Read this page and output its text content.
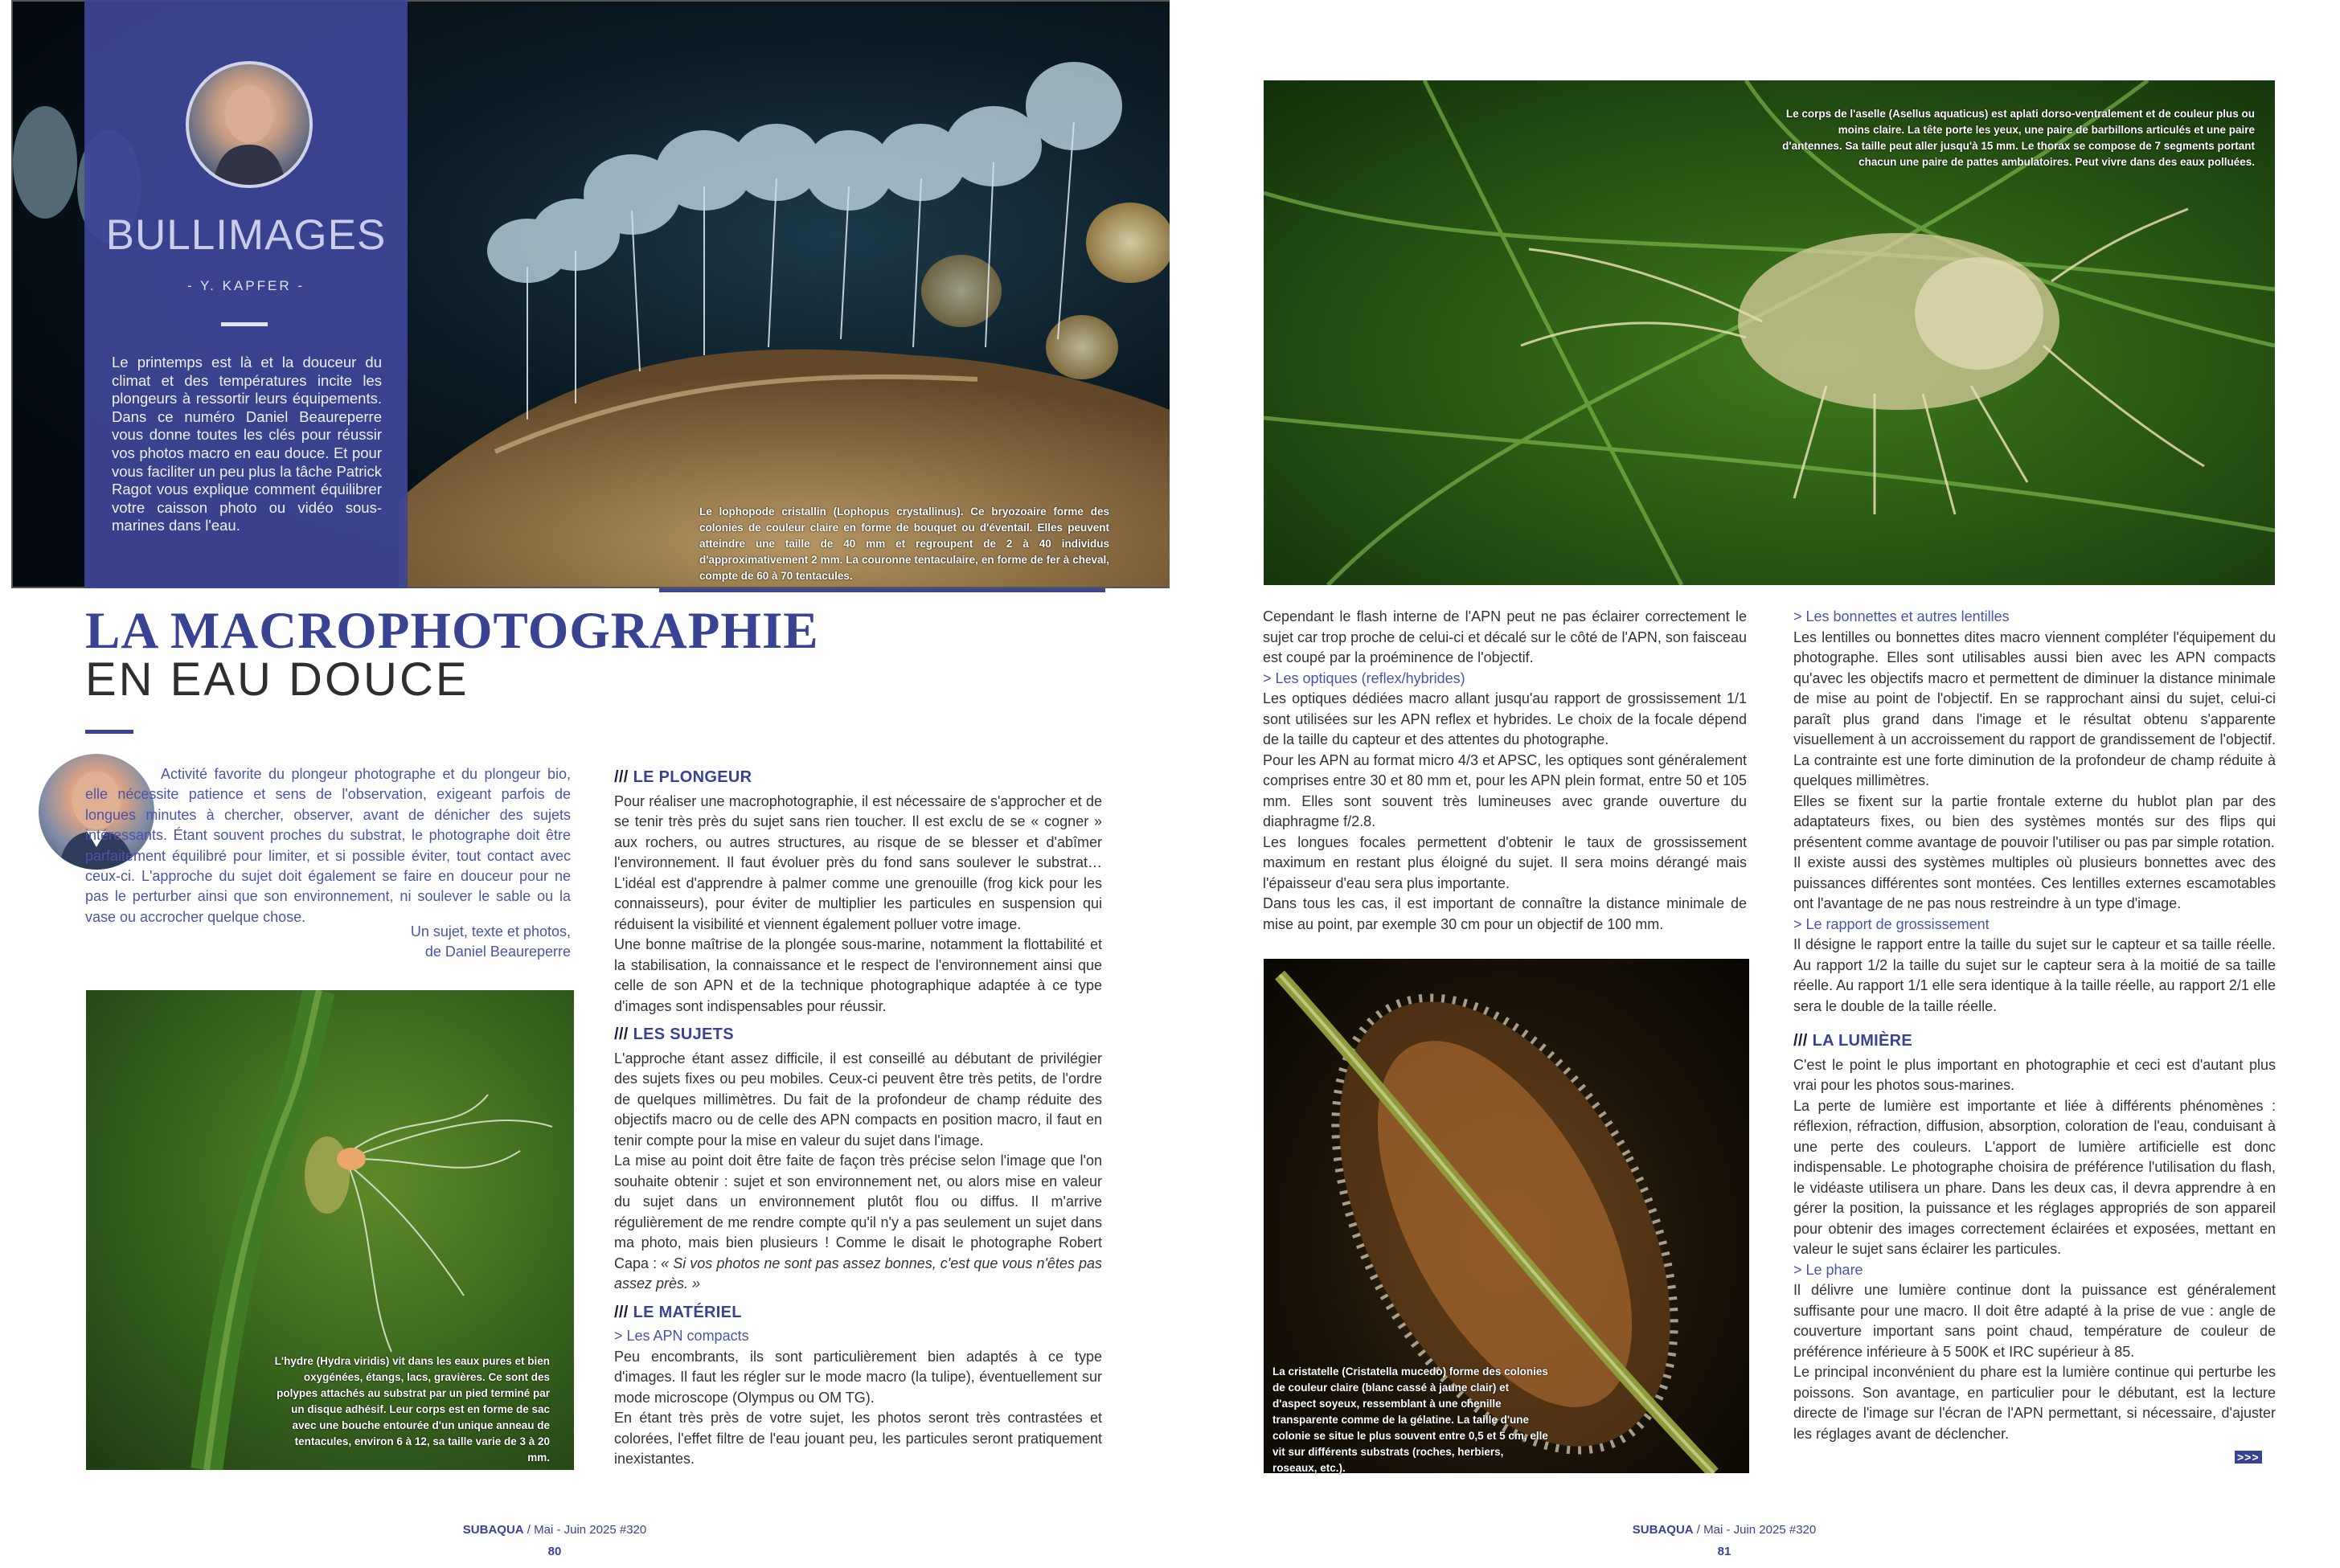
BULLIMAGES
- Y. KAPFER -
Le printemps est là et la douceur du climat et des températures incite les plongeurs à ressortir leurs équipements. Dans ce numéro Daniel Beaureperre vous donne toutes les clés pour réussir vos photos macro en eau douce. Et pour vous faciliter un peu plus la tâche Patrick Ragot vous explique comment équilibrer votre caisson photo ou vidéo sous-marines dans l'eau.
Le lophopode cristallin (Lophopus crystallinus). Ce bryozoaire forme des colonies de couleur claire en forme de bouquet ou d'éventail. Elles peuvent atteindre une taille de 40 mm et regroupent de 2 à 40 individus d'approximativement 2 mm. La couronne tentaculaire, en forme de fer à cheval, compte de 60 à 70 tentacules.
LA MACROPHOTOGRAPHIE
EN EAU DOUCE
Activité favorite du plongeur photographe et du plongeur bio, elle nécessite patience et sens de l'observation, exigeant parfois de longues minutes à chercher, observer, avant de dénicher des sujets intéressants. Étant souvent proches du substrat, le photographe doit être parfaitement équilibré pour limiter, et si possible éviter, tout contact avec ceux-ci. L'approche du sujet doit également se faire en douceur pour ne pas le perturber ainsi que son environnement, ni soulever le sable ou la vase ou accrocher quelque chose.
Un sujet, texte et photos,
de Daniel Beaureperre
L'hydre (Hydra viridis) vit dans les eaux pures et bien oxygénées, étangs, lacs, gravières. Ce sont des polypes attachés au substrat par un pied terminé par un disque adhésif. Leur corps est en forme de sac avec une bouche entourée d'un unique anneau de tentacules, environ 6 à 12, sa taille varie de 3 à 20 mm.
/// LE PLONGEUR

Pour réaliser une macrophotographie, il est nécessaire de s'approcher et de se tenir très près du sujet sans rien toucher. Il est exclu de se « cogner » aux rochers, ou autres structures, au risque de se blesser et d'abîmer l'environnement. Il faut évoluer près du fond sans soulever le substrat… L'idéal est d'apprendre à palmer comme une grenouille (frog kick pour les connaisseurs), pour éviter de multiplier les particules en suspension qui réduisent la visibilité et viennent également polluer votre image.

Une bonne maîtrise de la plongée sous-marine, notamment la flottabilité et la stabilisation, la connaissance et le respect de l'environnement ainsi que celle de son APN et de la technique photographique adaptée à ce type d'images sont indispensables pour réussir.

/// LES SUJETS

L'approche étant assez difficile, il est conseillé au débutant de privilégier des sujets fixes ou peu mobiles. Ceux-ci peuvent être très petits, de l'ordre de quelques millimètres. Du fait de la profondeur de champ réduite des objectifs macro ou de celle des APN compacts en position macro, il faut en tenir compte pour la mise en valeur du sujet dans l'image.

La mise au point doit être faite de façon très précise selon l'image que l'on souhaite obtenir : sujet et son environnement net, ou alors mise en valeur du sujet dans un environnement plutôt flou ou diffus. Il m'arrive régulièrement de me rendre compte qu'il n'y a pas seulement un sujet dans ma photo, mais bien plusieurs ! Comme le disait le photographe Robert Capa : « Si vos photos ne sont pas assez bonnes, c'est que vous n'êtes pas assez près. »

/// LE MATÉRIEL

> Les APN compacts

Peu encombrants, ils sont particulièrement bien adaptés à ce type d'images. Il faut les régler sur le mode macro (la tulipe), éventuellement sur mode microscope (Olympus ou OM TG).

En étant très près de votre sujet, les photos seront très contrastées et colorées, l'effet filtre de l'eau jouant peu, les particules seront pratiquement inexistantes.

SUBAQUA / Mai - Juin 2025 #320
80
Le corps de l'aselle (Asellus aquaticus) est aplati dorso-ventralement et de couleur plus ou moins claire. La tête porte les yeux, une paire de barbillons articulés et une paire d'antennes. Sa taille peut aller jusqu'à 15 mm. Le thorax se compose de 7 segments portant chacun une paire de pattes ambulatoires. Peut vivre dans des eaux polluées.

Cependant le flash interne de l'APN peut ne pas éclairer correctement le sujet car trop proche de celui-ci et décalé sur le côté de l'APN, son faisceau est coupé par la proéminence de l'objectif.

> Les optiques (reflex/hybrides)

Les optiques dédiées macro allant jusqu'au rapport de grossissement 1/1 sont utilisées sur les APN reflex et hybrides. Le choix de la focale dépend de la taille du capteur et des attentes du photographe.

Pour les APN au format micro 4/3 et APSC, les optiques sont généralement comprises entre 30 et 80 mm et, pour les APN plein format, entre 50 et 105 mm. Elles sont souvent très lumineuses avec grande ouverture du diaphragme f/2.8.

Les longues focales permettent d'obtenir le taux de grossissement maximum en restant plus éloigné du sujet. Il sera moins dérangé mais l'épaisseur d'eau sera plus importante.

Dans tous les cas, il est important de connaître la distance minimale de mise au point, par exemple 30 cm pour un objectif de 100 mm.

La cristatelle (Cristatella mucedo) forme des colonies de couleur claire (blanc cassé à jaune clair) et d'aspect soyeux, ressemblant à une chenille transparente comme de la gélatine. La taille d'une colonie se situe le plus souvent entre 0,5 et 5 cm, elle vit sur différents substrats (roches, herbiers, roseaux, etc.).

> Les bonnettes et autres lentilles

Les lentilles ou bonnettes dites macro viennent compléter l'équipement du photographe. Elles sont utilisables aussi bien avec les APN compacts qu'avec les objectifs macro et permettent de diminuer la distance minimale de mise au point de l'objectif. En se rapprochant ainsi du sujet, celui-ci paraît plus grand dans l'image et le résultat obtenu s'apparente visuellement à un accroissement du rapport de grandissement de l'objectif. La contrainte est une forte diminution de la profondeur de champ réduite à quelques millimètres.

Elles se fixent sur la partie frontale externe du hublot plan par des adaptateurs fixes, ou bien des systèmes montés sur des flips qui présentent comme avantage de pouvoir l'utiliser ou pas par simple rotation.

Il existe aussi des systèmes multiples où plusieurs bonnettes avec des puissances différentes sont montées. Ces lentilles externes escamotables ont l'avantage de ne pas nous restreindre à un type d'image.

> Le rapport de grossissement

Il désigne le rapport entre la taille du sujet sur le capteur et sa taille réelle. Au rapport 1/2 la taille du sujet sur le capteur sera à la moitié de sa taille réelle. Au rapport 1/1 elle sera identique à la taille réelle, au rapport 2/1 elle sera le double de la taille réelle.

/// LA LUMIÈRE

C'est le point le plus important en photographie et ceci est d'autant plus vrai pour les photos sous-marines.

La perte de lumière est importante et liée à différents phénomènes : réflexion, réfraction, diffusion, absorption, coloration de l'eau, conduisant à une perte des couleurs. L'apport de lumière artificielle est donc indispensable. Le photographe choisira de préférence l'utilisation du flash, le vidéaste utilisera un phare. Dans les deux cas, il devra apprendre à en gérer la position, la puissance et les réglages appropriés de son appareil pour obtenir des images correctement éclairées et exposées, mettant en valeur le sujet sans éclairer les particules.

> Le phare

Il délivre une lumière continue dont la puissance est généralement suffisante pour une macro. Il doit être adapté à la prise de vue : angle de couverture important sans point chaud, température de couleur de préférence inférieure à 5 500K et IRC supérieur à 85.

Le principal inconvénient du phare est la lumière continue qui perturbe les poissons. Son avantage, en particulier pour le débutant, est la lecture directe de l'image sur l'écran de l'APN permettant, si nécessaire, d'ajuster les réglages avant de déclencher.

>>>
SUBAQUA / Mai - Juin 2025 #320
81
